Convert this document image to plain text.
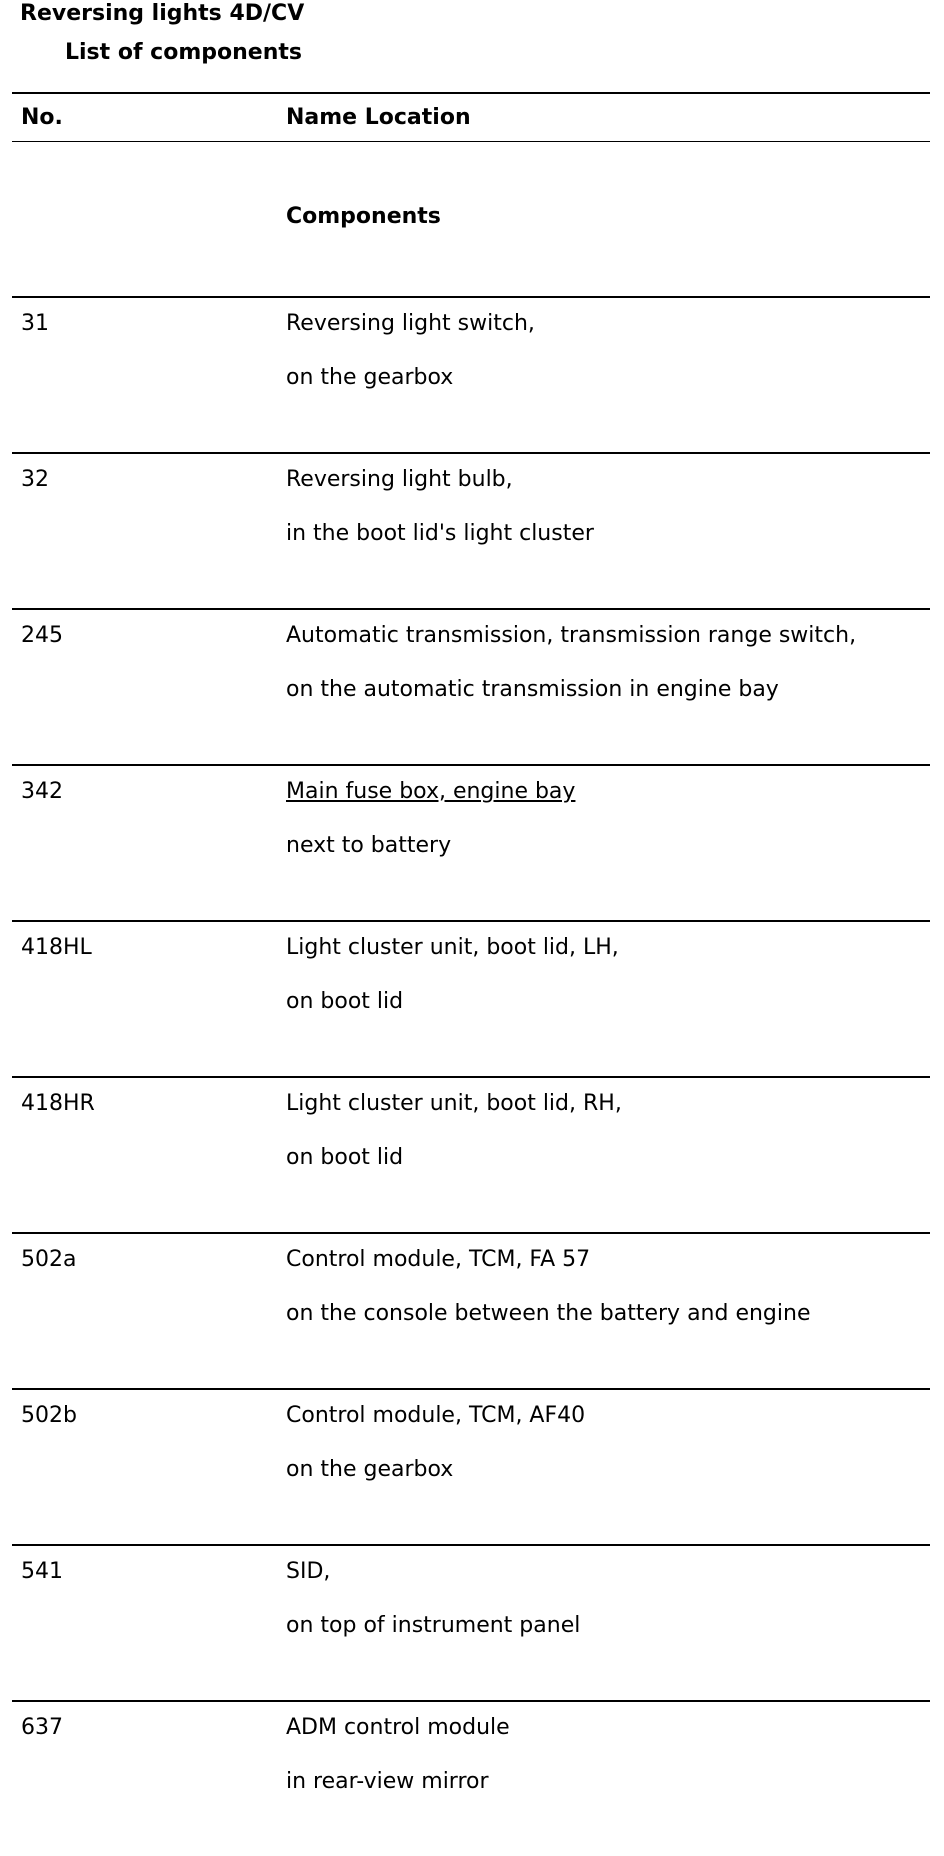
Reversing lights 4D/CV
List of components
No.	Name Location
Components
31	Reversing light switch,
on the gearbox
32	Reversing light bulb,
in the boot lid's light cluster
245	Automatic transmission, transmission range switch,
on the automatic transmission in engine bay
342	Main fuse box, engine bay
next to battery
418HL	Light cluster unit, boot lid, LH,
on boot lid
418HR	Light cluster unit, boot lid, RH,
on boot lid
502a	Control module, TCM, FA 57
on the console between the battery and engine
502b	Control module, TCM, AF40
on the gearbox
541	SID,
on top of instrument panel
637	ADM control module
in rear-view mirror
